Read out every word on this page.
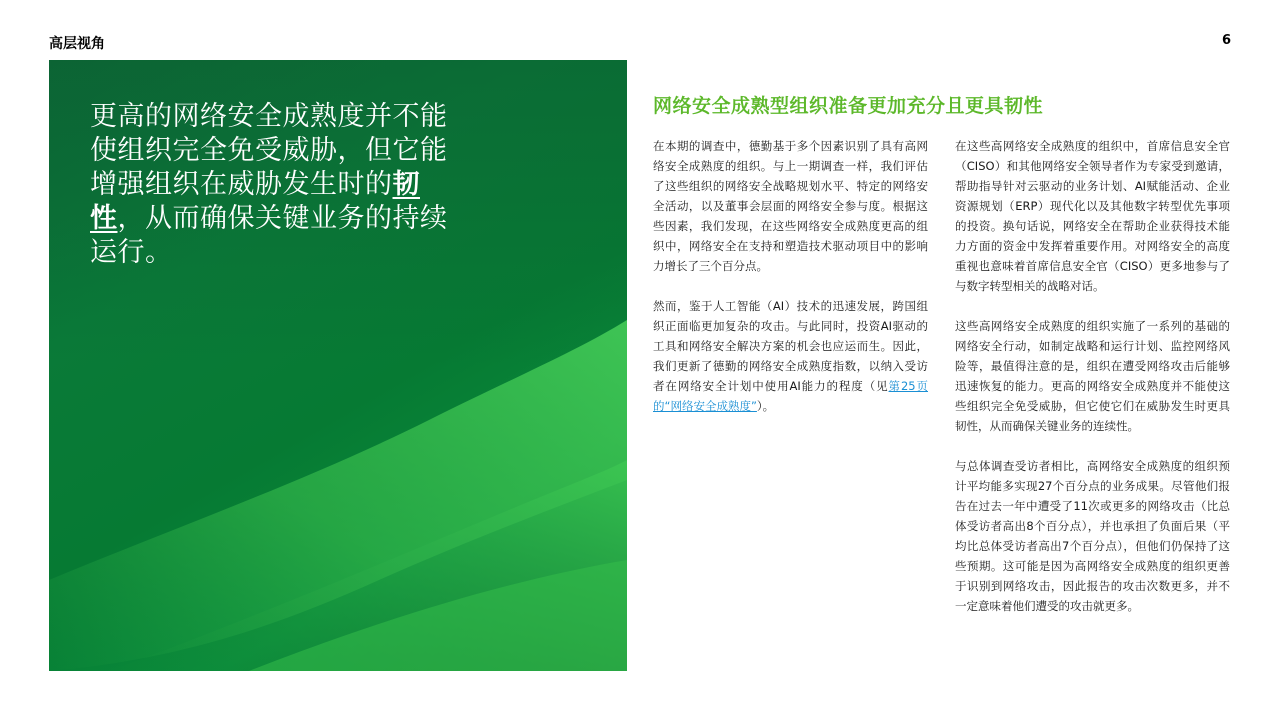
高层视角	6
更高的网络安全成熟度并不能使组织完全免受威胁，但它能增强组织在威胁发生时的韧性，从而确保关键业务的持续运行。
网络安全成熟型组织准备更加充分且更具韧性

在本期的调查中，德勤基于多个因素识别了具有高网络安全成熟度的组织。与上一期调查一样，我们评估了这些组织的网络安全战略规划水平、特定的网络安全活动，以及董事会层面的网络安全参与度。根据这些因素，我们发现，在这些网络安全成熟度更高的组织中，网络安全在支持和塑造技术驱动项目中的影响力增长了三个百分点。

然而，鉴于人工智能（AI）技术的迅速发展，跨国组织正面临更加复杂的攻击。与此同时，投资AI驱动的工具和网络安全解决方案的机会也应运而生。因此，我们更新了德勤的网络安全成熟度指数，以纳入受访者在网络安全计划中使用AI能力的程度（见第25页的“网络安全成熟度”）。

在这些高网络安全成熟度的组织中，首席信息安全官（CISO）和其他网络安全领导者作为专家受到邀请，帮助指导针对云驱动的业务计划、AI赋能活动、企业资源规划（ERP）现代化以及其他数字转型优先事项的投资。换句话说，网络安全在帮助企业获得技术能力方面的资金中发挥着重要作用。对网络安全的高度重视也意味着首席信息安全官（CISO）更多地参与了与数字转型相关的战略对话。

这些高网络安全成熟度的组织实施了一系列的基础的网络安全行动，如制定战略和运行计划、监控网络风险等，最值得注意的是，组织在遭受网络攻击后能够迅速恢复的能力。更高的网络安全成熟度并不能使这些组织完全免受威胁，但它使它们在威胁发生时更具韧性，从而确保关键业务的连续性。

与总体调查受访者相比，高网络安全成熟度的组织预计平均能多实现27个百分点的业务成果。尽管他们报告在过去一年中遭受了11次或更多的网络攻击（比总体受访者高出8个百分点），并也承担了负面后果（平均比总体受访者高出7个百分点），但他们仍保持了这些预期。这可能是因为高网络安全成熟度的组织更善于识别到网络攻击，因此报告的攻击次数更多，并不一定意味着他们遭受的攻击就更多。
